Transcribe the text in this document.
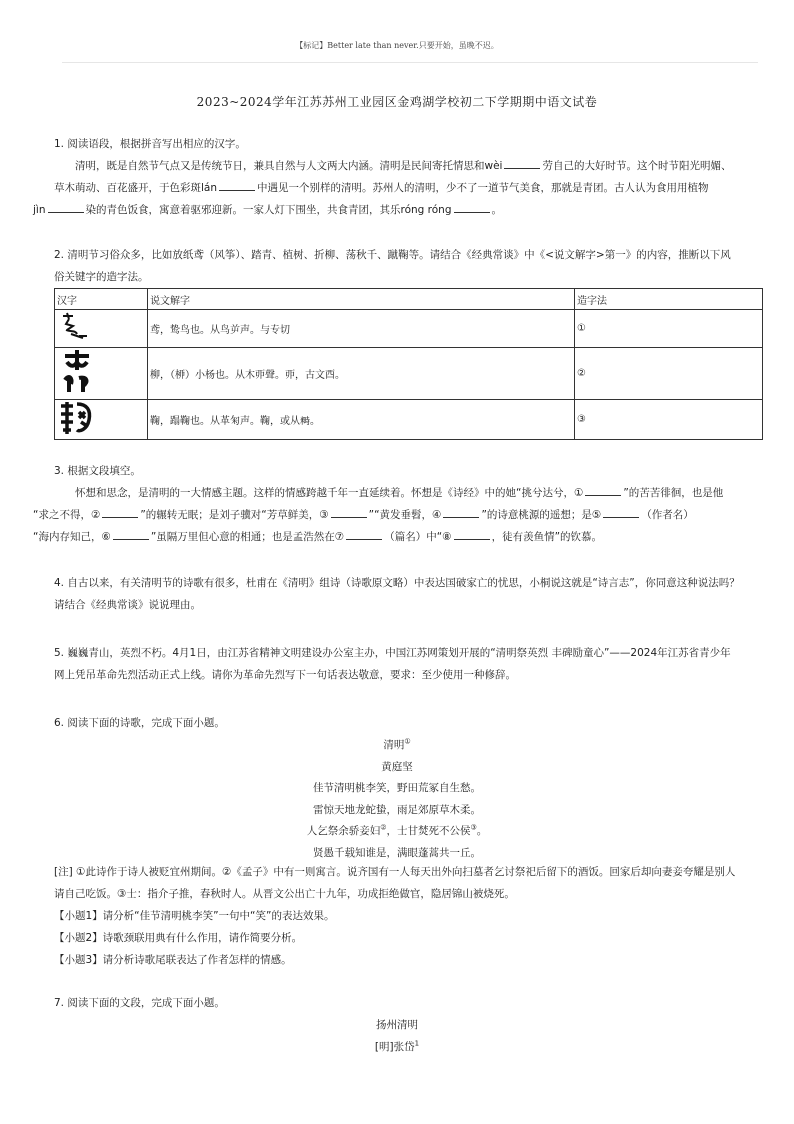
【标记】Better late than never.只要开始，虽晚不迟。
2023~2024学年江苏苏州工业园区金鸡湖学校初二下学期期中语文试卷
1. 阅读语段，根据拼音写出相应的汉字。
清明，既是自然节气点又是传统节日，兼具自然与人文两大内涵。清明是民间寄托情思和wèi	劳自己的大好时节。这个时节阳光明媚、草木萌动、百花盛开，于色彩斑lán	中遇见一个别样的清明。苏州人的清明，少不了一道节气美食，那就是青团。古人认为食用用植物
jìn	染的青色饭食，寓意着驱邪迎新。一家人灯下围坐，共食青团，其乐róng róng	。
2. 清明节习俗众多，比如放纸鸢（风筝）、踏青、植树、折柳、荡秋千、蹴鞠等。请结合《经典常谈》中《<说文解字>第一》的内容，推断以下风俗关键字的造字法。
汉字	说文解字	造字法
	鸢，鸷鸟也。从鸟屰声。与专切	①
	柳，（桺）小杨也。从木丣聲。丣，古文酉。	②
	鞠，蹋鞠也。从革匊声。鞠，或从𥻵。	③
3. 根据文段填空。
怀想和思念，是清明的一大情感主题。这样的情感跨越千年一直延续着。怀想是《诗经》中的她“挑兮达兮，①	”的苦苦徘徊，也是他
“求之不得，②	”的辗转无眠；是刘子骥对“芳草鲜美，③	”“黄发垂髫，④	”的诗意桃源的遥想；是⑤	（作者名）
“海内存知己，⑥	”虽隔万里但心意的相通；也是孟浩然在⑦	（篇名）中“⑧	，徒有羡鱼情”的钦慕。
4. 自古以来，有关清明节的诗歌有很多，杜甫在《清明》组诗（诗歌原文略）中表达国破家亡的忧思，小桐说这就是“诗言志”，你同意这种说法吗？请结合《经典常谈》说说理由。
5. 巍巍青山，英烈不朽。4月1日，由江苏省精神文明建设办公室主办，中国江苏网策划开展的“清明祭英烈 丰碑励童心”——2024年江苏省青少年网上凭吊革命先烈活动正式上线。请你为革命先烈写下一句话表达敬意，要求：至少使用一种修辞。
6. 阅读下面的诗歌，完成下面小题。
清明①
黄庭坚
佳节清明桃李笑，野田荒冢自生愁。
雷惊天地龙蛇蛰，雨足郊原草木柔。
人乞祭余骄妾妇②，士甘焚死不公侯③。
贤愚千载知谁是，满眼蓬蒿共一丘。
[注] ①此诗作于诗人被贬宜州期间。②《孟子》中有一则寓言。说齐国有一人每天出外向扫墓者乞讨祭祀后留下的酒饭。回家后却向妻妾夸耀是别人请自己吃饭。③士：指介子推，春秋时人。从晋文公出亡十九年，功成拒绝做官，隐居锦山被烧死。
【小题1】请分析“佳节清明桃李笑”一句中“笑”的表达效果。
【小题2】诗歌颈联用典有什么作用，请作简要分析。
【小题3】请分析诗歌尾联表达了作者怎样的情感。
7. 阅读下面的文段，完成下面小题。
扬州清明
[明]张岱$^1$
